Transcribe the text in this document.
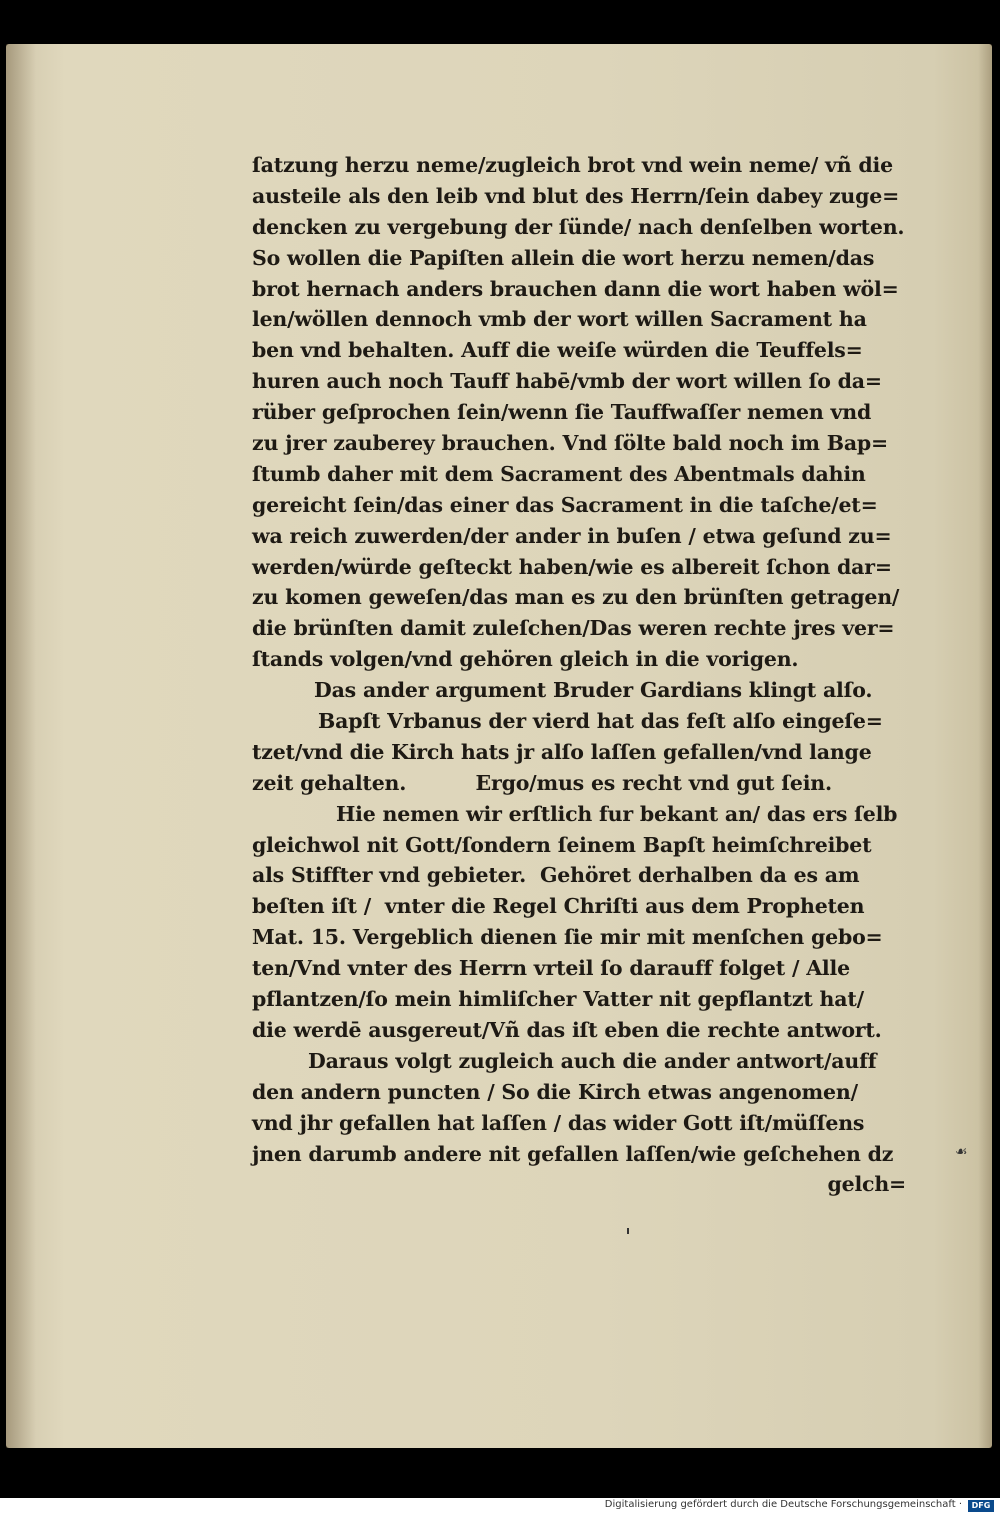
ſatzung herzu neme/zugleich brot vnd wein neme/ vñ die
austeile als den leib vnd blut des Herrn/ſein dabey zuge=
dencken zu vergebung der ſünde/ nach denſelben worten.
So wollen die Papiſten allein die wort herzu nemen/das
brot hernach anders brauchen dann die wort haben wöl=
len/wöllen dennoch vmb der wort willen Sacrament ha
ben vnd behalten. Auff die weiſe würden die Teuffels=
huren auch noch Tauff habē/vmb der wort willen ſo da=
rüber geſprochen ſein/wenn ſie Tauffwaſſer nemen vnd
zu jrer zauberey brauchen. Vnd ſölte bald noch im Bap=
ſtumb daher mit dem Sacrament des Abentmals dahin
gereicht ſein/das einer das Sacrament in die taſche/et=
wa reich zuwerden/der ander in buſen / etwa geſund zu=
werden/würde geſteckt haben/wie es albereit ſchon dar=
zu komen geweſen/das man es zu den brünſten getragen/
die brünſten damit zuleſchen/Das weren rechte jres ver=
ſtands volgen/vnd gehören gleich in die vorigen.
Das ander argument Bruder Gardians klingt alſo.
Bapſt Vrbanus der vierd hat das feſt alſo eingeſe=
tzet/vnd die Kirch hats jr alſo laſſen gefallen/vnd lange
zeit gehalten.          Ergo/mus es recht vnd gut ſein.
Hie nemen wir erſtlich fur bekant an/ das ers ſelb
gleichwol nit Gott/ſondern ſeinem Bapſt heimſchreibet
als Stiffter vnd gebieter.  Gehöret derhalben da es am
beſten iſt /  vnter die Regel Chriſti aus dem Propheten
Mat. 15. Vergeblich dienen ſie mir mit menſchen gebo=
ten/Vnd vnter des Herrn vrteil ſo darauff folget / Alle
pflantzen/ſo mein himliſcher Vatter nit gepflantzt hat/
die werdē ausgereut/Vñ das iſt eben die rechte antwort.
Daraus volgt zugleich auch die ander antwort/auff
den andern puncten / So die Kirch etwas angenomen/
vnd jhr gefallen hat laſſen / das wider Gott iſt/müſſens
jnen darumb andere nit gefallen laſſen/wie geſchehen dz
gelch=
☙
Digitalisierung gefördert durch die Deutsche Forschungsgemeinschaft ·	DFG
